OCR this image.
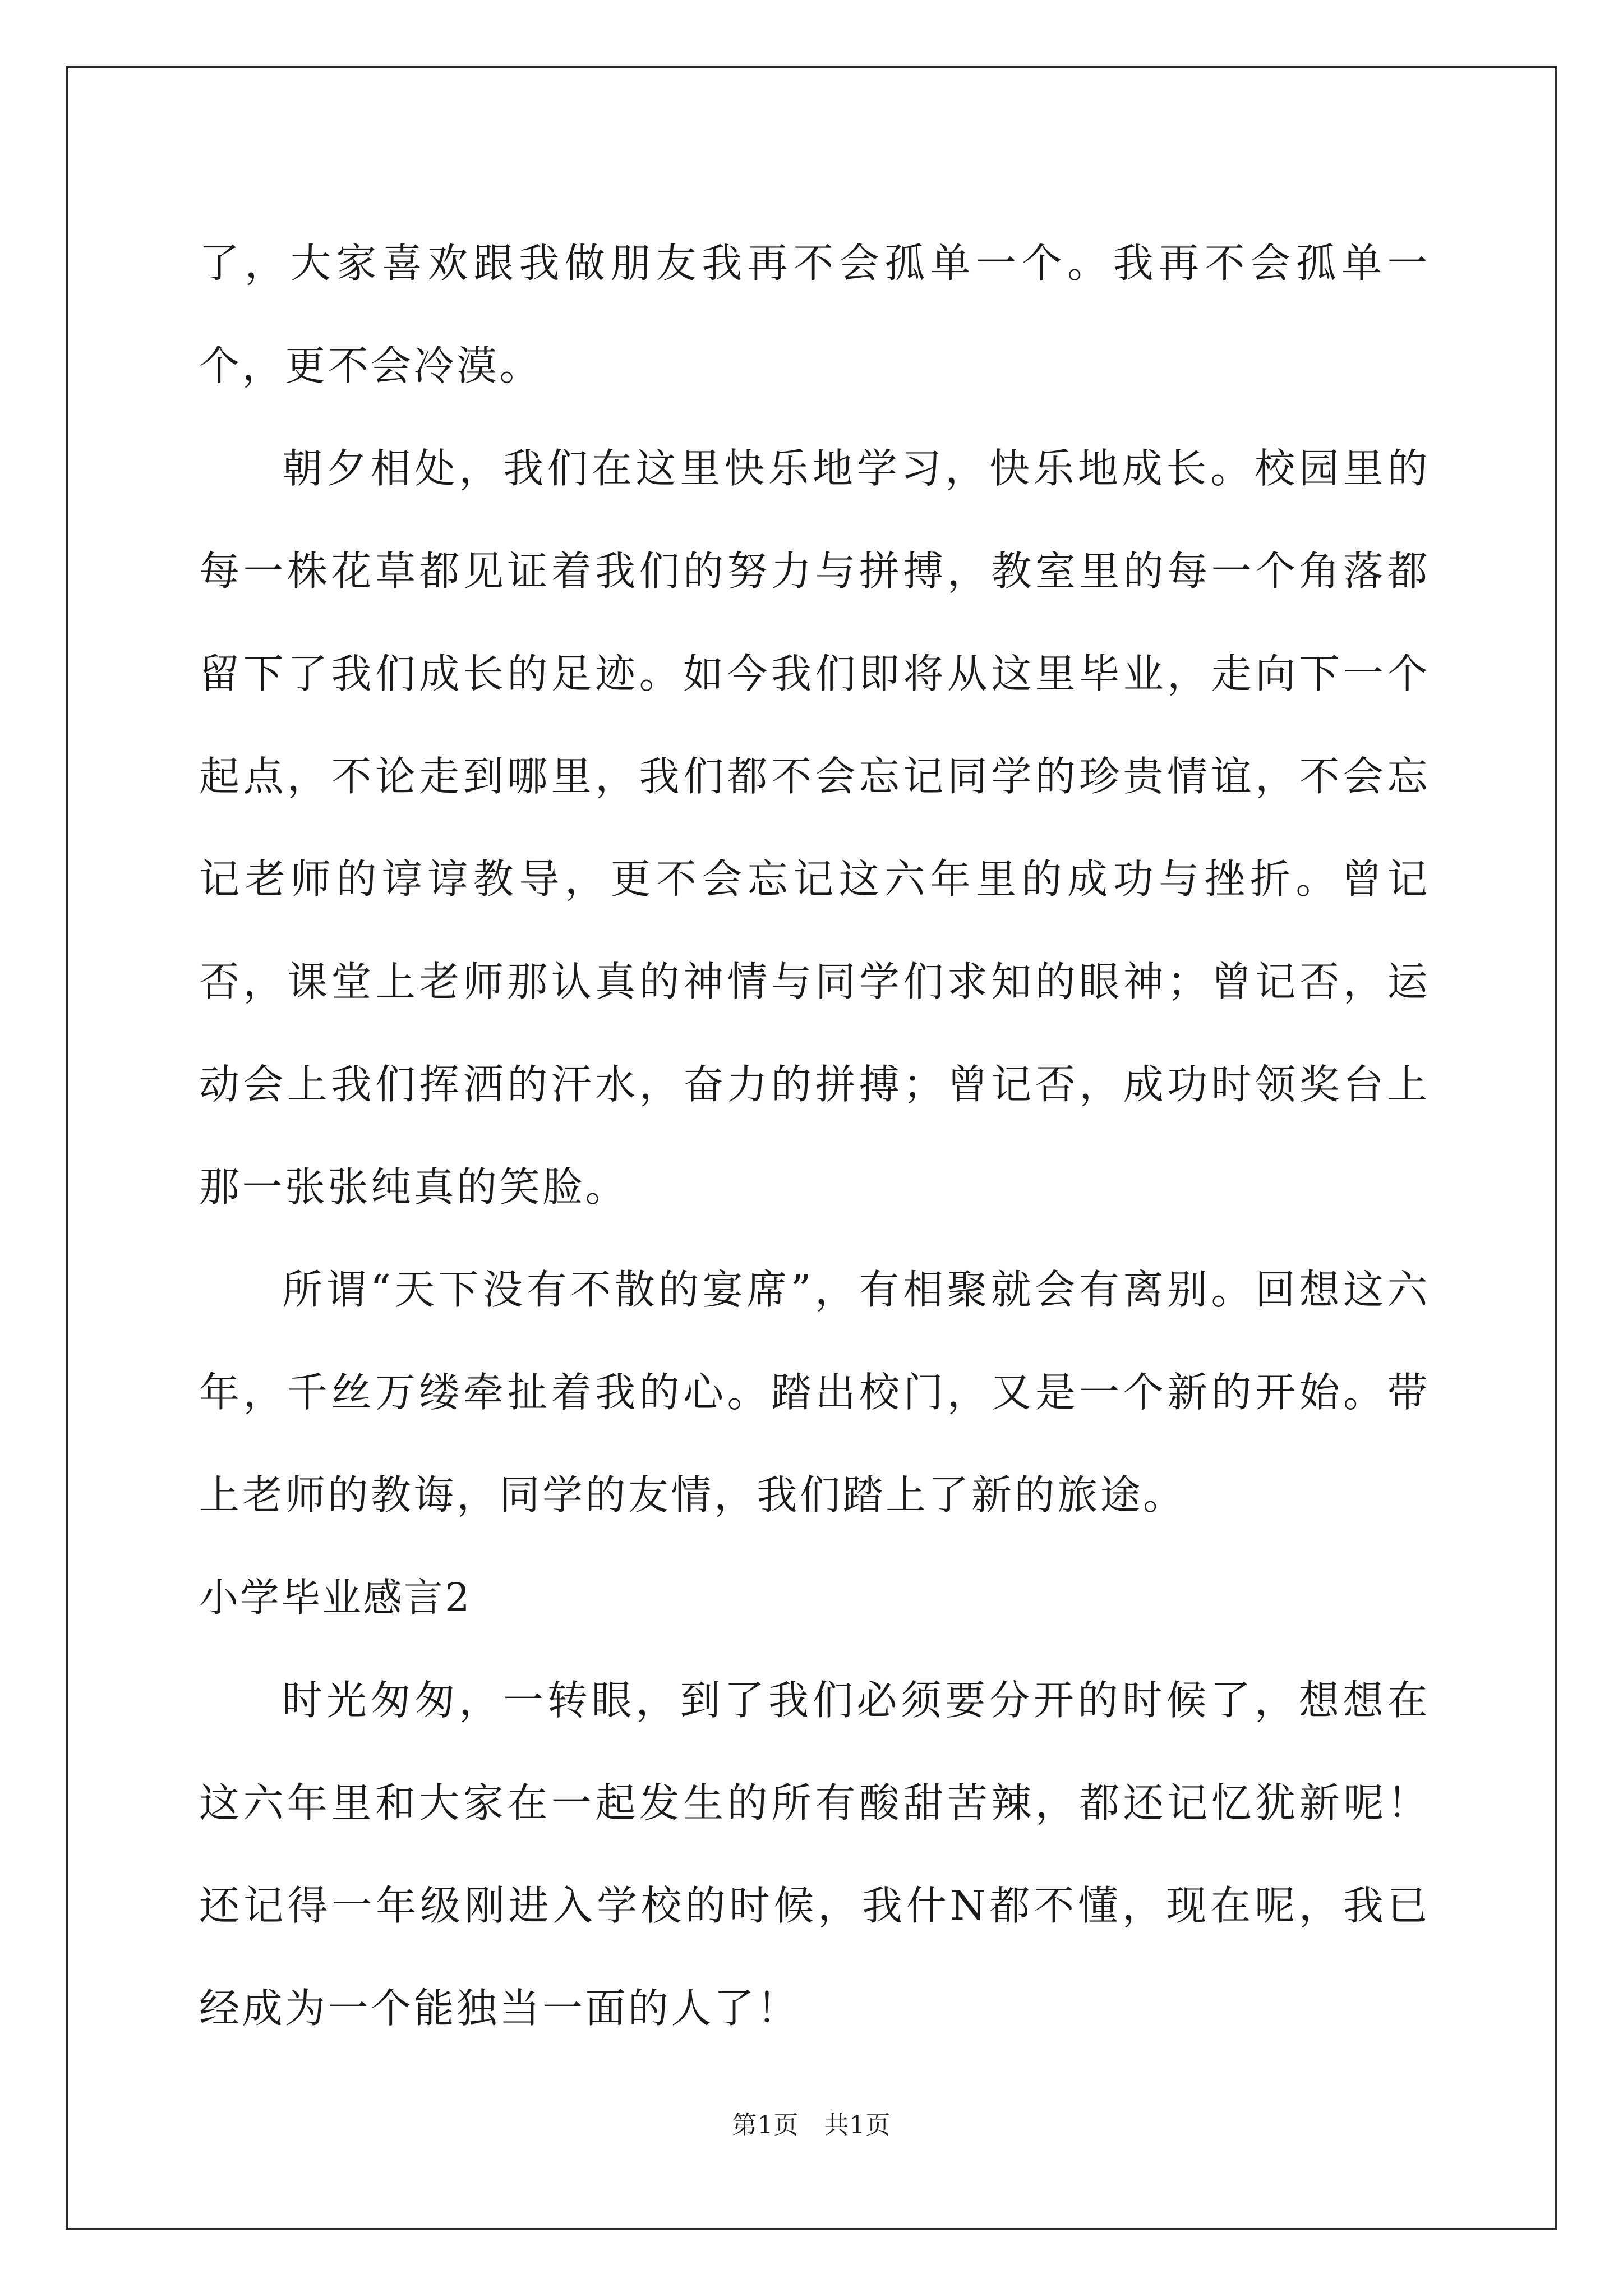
了，大家喜欢跟我做朋友我再不会孤单一个。我再不会孤单一个，更不会冷漠。

朝夕相处，我们在这里快乐地学习，快乐地成长。校园里的每一株花草都见证着我们的努力与拼搏，教室里的每一个角落都留下了我们成长的足迹。如今我们即将从这里毕业，走向下一个起点，不论走到哪里，我们都不会忘记同学的珍贵情谊，不会忘记老师的谆谆教导，更不会忘记这六年里的成功与挫折。曾记否，课堂上老师那认真的神情与同学们求知的眼神；曾记否，运动会上我们挥洒的汗水，奋力的拼搏；曾记否，成功时领奖台上那一张张纯真的笑脸。

所谓“天下没有不散的宴席”，有相聚就会有离别。回想这六年，千丝万缕牵扯着我的心。踏出校门，又是一个新的开始。带上老师的教诲，同学的友情，我们踏上了新的旅途。

小学毕业感言2

时光匆匆，一转眼，到了我们必须要分开的时候了，想想在这六年里和大家在一起发生的所有酸甜苦辣，都还记忆犹新呢！还记得一年级刚进入学校的时候，我什N都不懂，现在呢，我已经成为一个能独当一面的人了！

第1页 共1页
